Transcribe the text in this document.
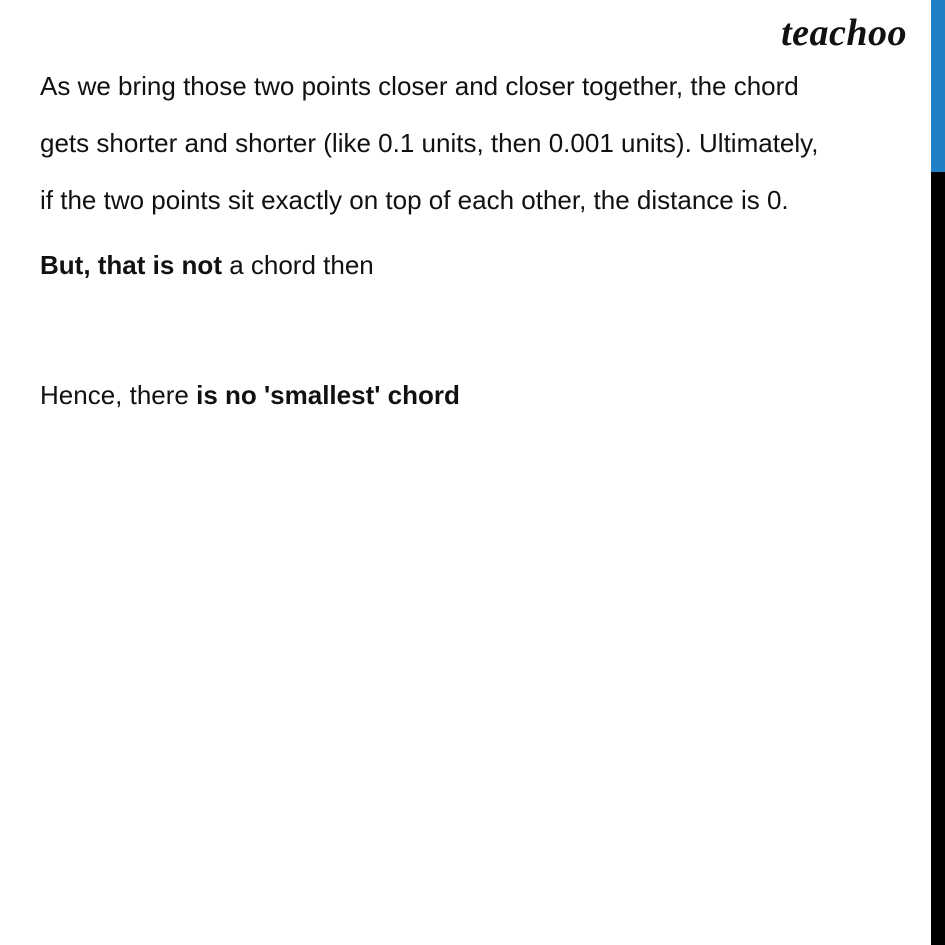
teachoo

As we bring those two points closer and closer together, the chord

gets shorter and shorter (like 0.1 units, then 0.001 units). Ultimately,

if the two points sit exactly on top of each other, the distance is 0.

But, that is not a chord then

Hence, there is no 'smallest' chord
